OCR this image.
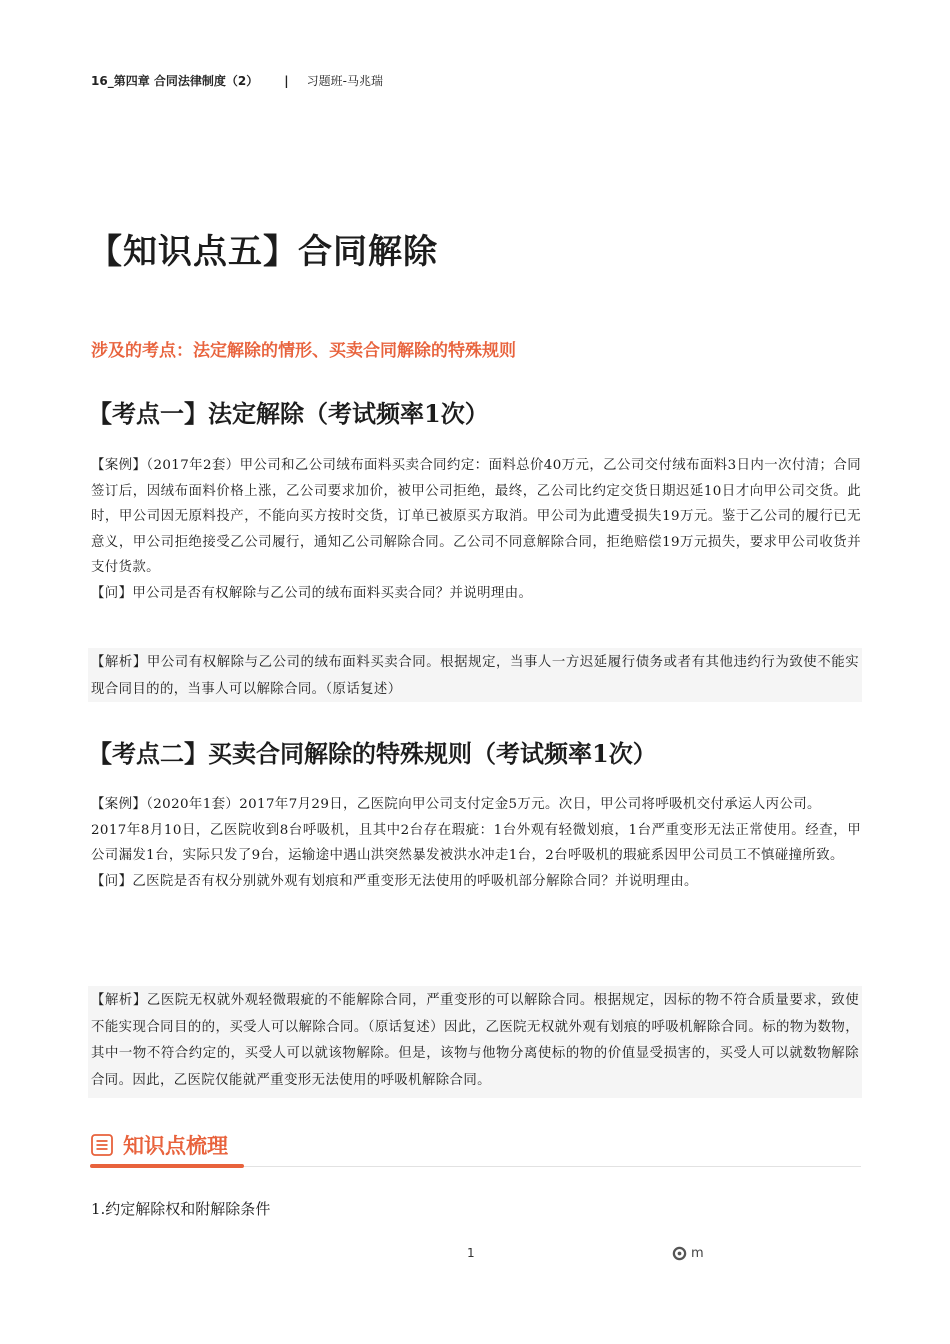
16_第四章 合同法律制度（2） | 习题班-马兆瑞
【知识点五】合同解除
涉及的考点：法定解除的情形、买卖合同解除的特殊规则
【考点一】法定解除（考试频率1次）

【案例】（2017年2套）甲公司和乙公司绒布面料买卖合同约定：面料总价40万元，乙公司交付绒布面料3日内一次付清；合同签订后，因绒布面料价格上涨，乙公司要求加价，被甲公司拒绝，最终，乙公司比约定交货日期迟延10日才向甲公司交货。此时，甲公司因无原料投产，不能向买方按时交货，订单已被原买方取消。甲公司为此遭受损失19万元。鉴于乙公司的履行已无意义，甲公司拒绝接受乙公司履行，通知乙公司解除合同。乙公司不同意解除合同，拒绝赔偿19万元损失，要求甲公司收货并支付货款。

【问】甲公司是否有权解除与乙公司的绒布面料买卖合同？并说明理由。

【解析】甲公司有权解除与乙公司的绒布面料买卖合同。根据规定，当事人一方迟延履行债务或者有其他违约行为致使不能实现合同目的的，当事人可以解除合同。（原话复述）
【考点二】买卖合同解除的特殊规则（考试频率1次）

【案例】（2020年1套）2017年7月29日，乙医院向甲公司支付定金5万元。次日，甲公司将呼吸机交付承运人丙公司。

2017年8月10日，乙医院收到8台呼吸机，且其中2台存在瑕疵：1台外观有轻微划痕，1台严重变形无法正常使用。经查，甲公司漏发1台，实际只发了9台，运输途中遇山洪突然暴发被洪水冲走1台，2台呼吸机的瑕疵系因甲公司员工不慎碰撞所致。

【问】乙医院是否有权分别就外观有划痕和严重变形无法使用的呼吸机部分解除合同？并说明理由。

【解析】乙医院无权就外观轻微瑕疵的不能解除合同，严重变形的可以解除合同。根据规定，因标的物不符合质量要求，致使不能实现合同目的的，买受人可以解除合同。（原话复述）因此，乙医院无权就外观有划痕的呼吸机解除合同。标的物为数物，其中一物不符合约定的，买受人可以就该物解除。但是，该物与他物分离使标的物的价值显受损害的，买受人可以就数物解除合同。因此，乙医院仅能就严重变形无法使用的呼吸机解除合同。
知识点梳理
1.约定解除权和附解除条件
1	m
